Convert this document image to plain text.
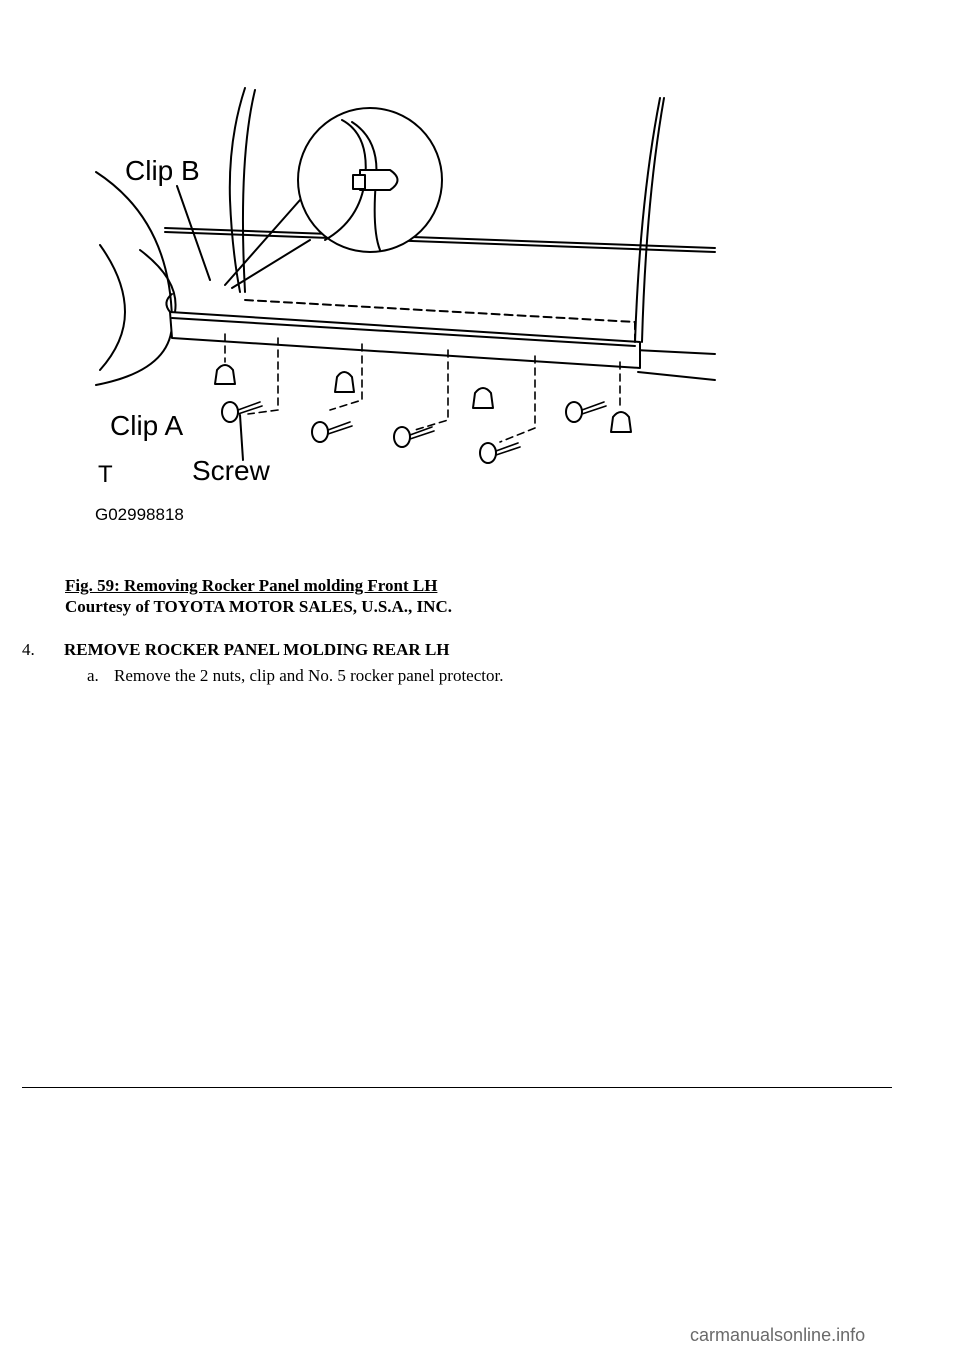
Clip B
Clip A
Screw
T
G02998818
Fig. 59: Removing Rocker Panel molding Front LH
Courtesy of TOYOTA MOTOR SALES, U.S.A., INC.
4. REMOVE ROCKER PANEL MOLDING REAR LH
a. Remove the 2 nuts, clip and No. 5 rocker panel protector.
carmanualsonline.info
